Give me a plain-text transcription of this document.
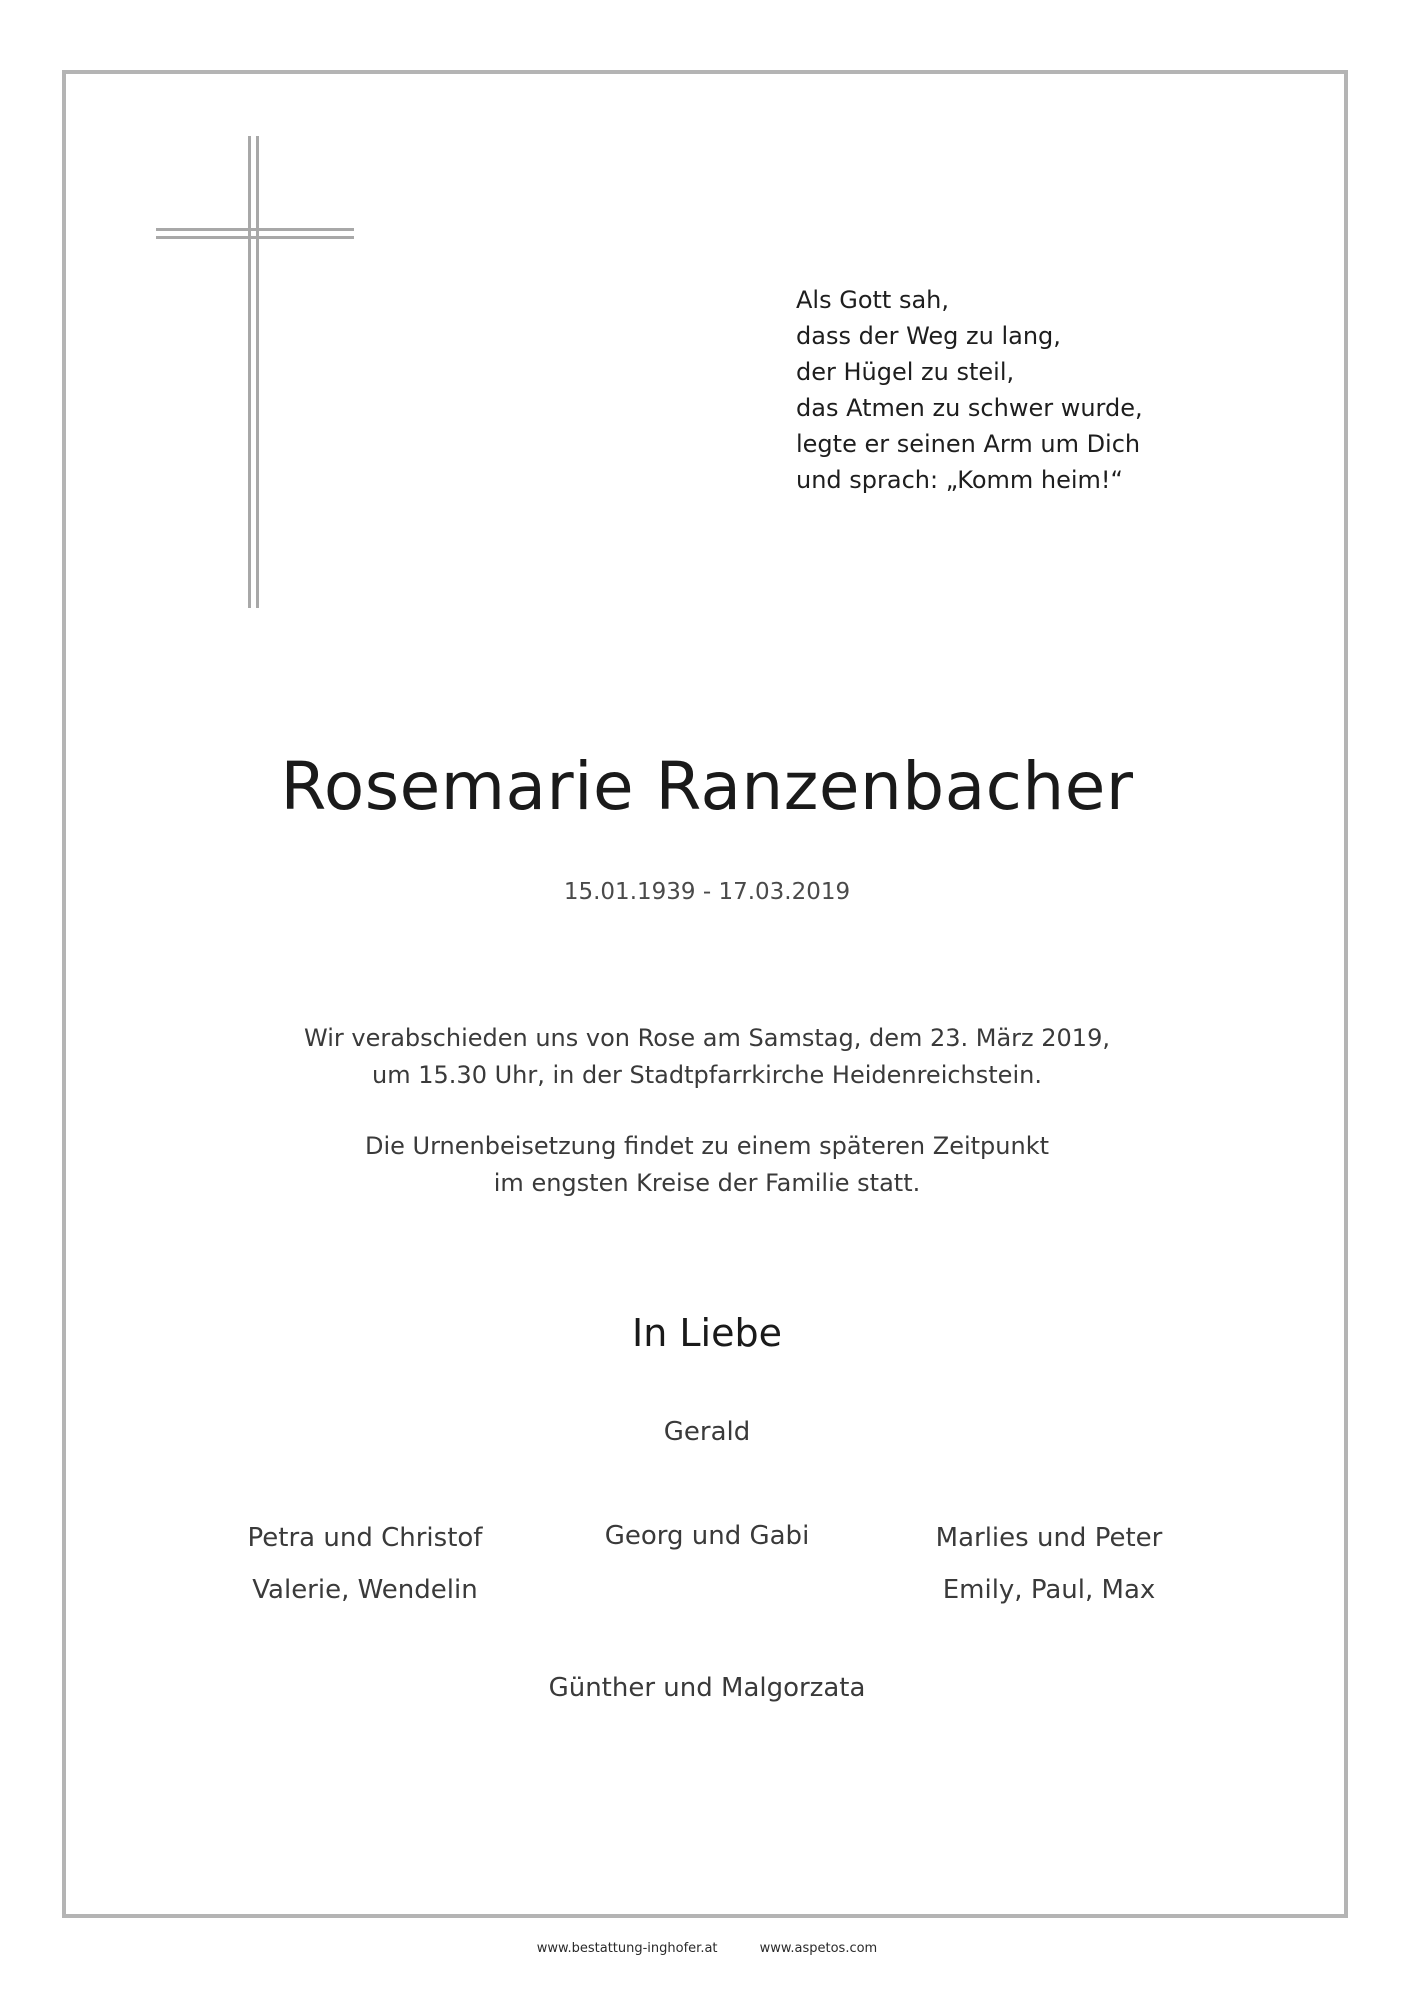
Als Gott sah,
dass der Weg zu lang,
der Hügel zu steil,
das Atmen zu schwer wurde,
legte er seinen Arm um Dich
und sprach: „Komm heim!“
Rosemarie Ranzenbacher
15.01.1939 - 17.03.2019
Wir verabschieden uns von Rose am Samstag, dem 23. März 2019,
um 15.30 Uhr, in der Stadtpfarrkirche Heidenreichstein.
Die Urnenbeisetzung findet zu einem späteren Zeitpunkt
im engsten Kreise der Familie statt.
In Liebe
Gerald
Petra und Christof
Valerie, Wendelin
Georg und Gabi	Marlies und Peter
Emily, Paul, Max
Günther und Malgorzata
www.bestattung-inghofer.at	www.aspetos.com
